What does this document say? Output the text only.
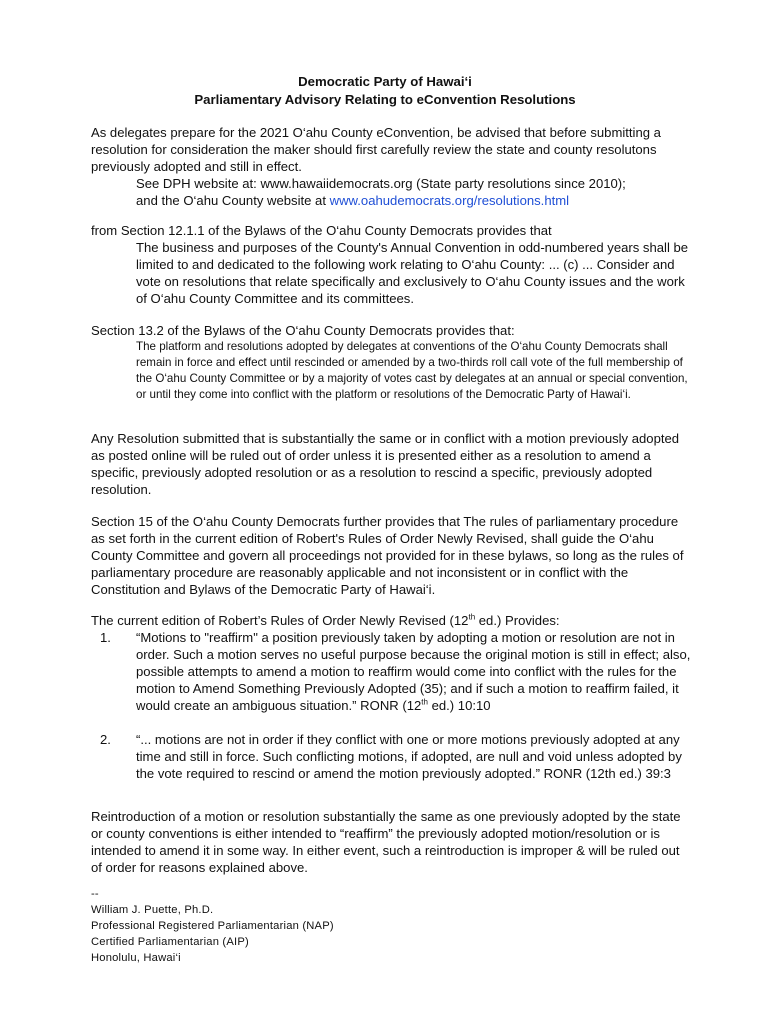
Democratic Party of Hawai‘i
Parliamentary Advisory Relating to eConvention Resolutions
As delegates prepare for the 2021 O‘ahu County eConvention, be advised that before submitting a resolution for consideration the maker should first carefully review the state and county resolutons previously adopted and still in effect.
See DPH website at: www.hawaiidemocrats.org (State party resolutions since 2010);
and the O‘ahu County website at www.oahudemocrats.org/resolutions.html
from Section 12.1.1 of the Bylaws of the O‘ahu County Democrats provides that
The business and purposes of the County's Annual Convention in odd-numbered years shall be limited to and dedicated to the following work relating to O‘ahu County: ... (c) ... Consider and vote on resolutions that relate specifically and exclusively to O‘ahu County issues and the work of O‘ahu County Committee and its committees.
Section 13.2 of the Bylaws of the O‘ahu County Democrats provides that:
The platform and resolutions adopted by delegates at conventions of the O‘ahu County Democrats shall remain in force and effect until rescinded or amended by a two-thirds roll call vote of the full membership of the O‘ahu County Committee or by a majority of votes cast by delegates at an annual or special convention, or until they come into conflict with the platform or resolutions of the Democratic Party of Hawai‘i.
Any Resolution submitted that is substantially the same or in conflict with a motion previously adopted as posted online will be ruled out of order unless it is presented either as a resolution to amend a specific, previously adopted resolution or as a resolution to rescind a specific, previously adopted resolution.
Section 15 of the O‘ahu County Democrats further provides that The rules of parliamentary procedure as set forth in the current edition of Robert's Rules of Order Newly Revised, shall guide the O‘ahu County Committee and govern all proceedings not provided for in these bylaws, so long as the rules of parliamentary procedure are reasonably applicable and not inconsistent or in conflict with the Constitution and Bylaws of the Democratic Party of Hawai‘i.
The current edition of Robert’s Rules of Order Newly Revised (12th ed.) Provides:
1.	“Motions to "reaffirm" a position previously taken by adopting a motion or resolution are not in order. Such a motion serves no useful purpose because the original motion is still in effect; also, possible attempts to amend a motion to reaffirm would come into conflict with the rules for the motion to Amend Something Previously Adopted (35); and if such a motion to reaffirm failed, it would create an ambiguous situation.” RONR (12th ed.) 10:10
2.	“... motions are not in order if they conflict with one or more motions previously adopted at any time and still in force. Such conflicting motions, if adopted, are null and void unless adopted by the vote required to rescind or amend the motion previously adopted.” RONR (12th ed.) 39:3
Reintroduction of a motion or resolution substantially the same as one previously adopted by the state or county conventions is either intended to “reaffirm” the previously adopted motion/resolution or is intended to amend it in some way. In either event, such a reintroduction is improper & will be ruled out of order for reasons explained above.
--
William J. Puette, Ph.D.
Professional Registered Parliamentarian (NAP)
Certified Parliamentarian (AIP)
Honolulu, Hawai‘i
